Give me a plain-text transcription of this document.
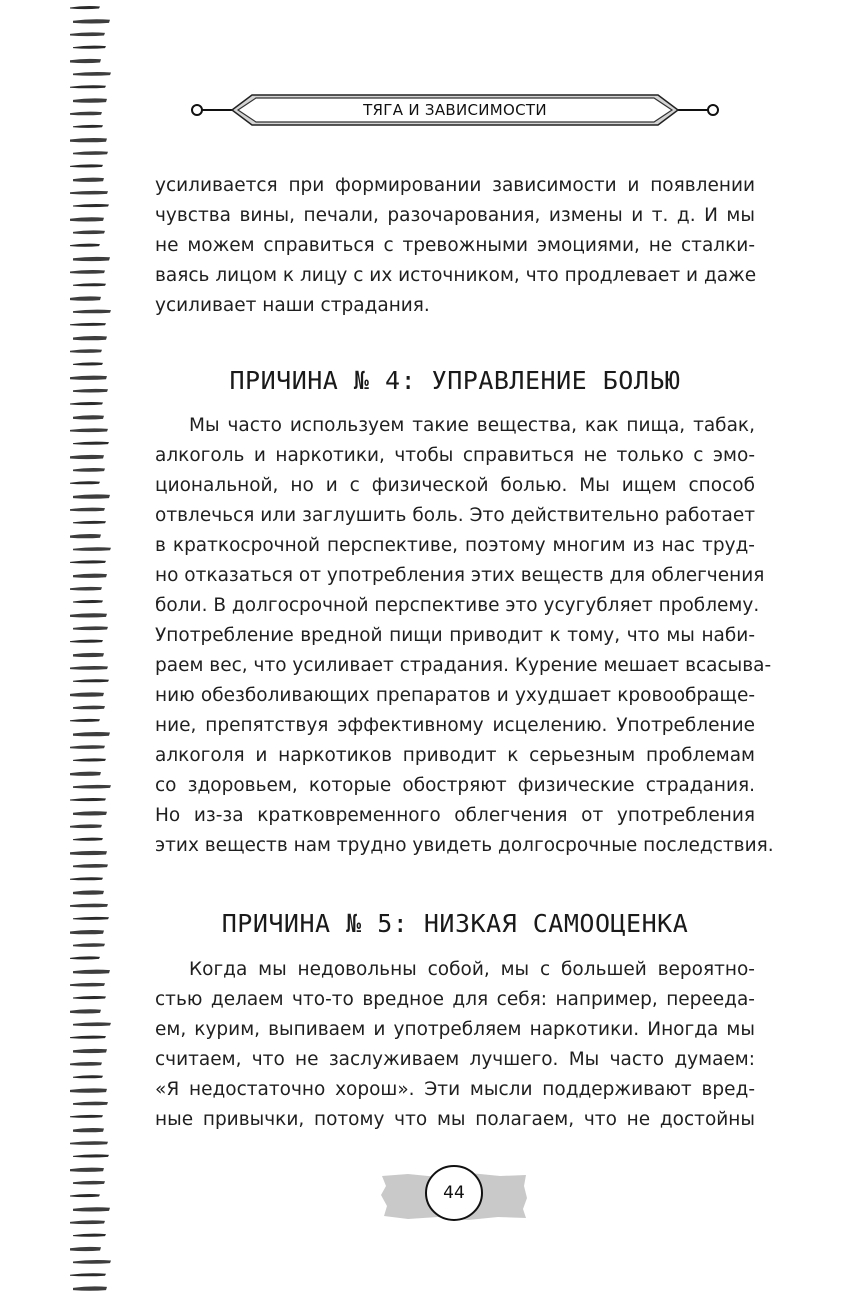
ТЯГА И ЗАВИСИМОСТИ
усиливается при формировании зависимости и появлении
чувства вины, печали, разочарования, измены и т. д. И мы
не можем справиться с тревожными эмоциями, не сталки-
ваясь лицом к лицу с их источником, что продлевает и даже
усиливает наши страдания.
ПРИЧИНА № 4: УПРАВЛЕНИЕ БОЛЬЮ
Мы часто используем такие вещества, как пища, табак,
алкоголь и наркотики, чтобы справиться не только с эмо-
циональной, но и с физической болью. Мы ищем способ
отвлечься или заглушить боль. Это действительно работает
в краткосрочной перспективе, поэтому многим из нас труд-
но отказаться от употребления этих веществ для облегчения
боли. В долгосрочной перспективе это усугубляет проблему.
Употребление вредной пищи приводит к тому, что мы наби-
раем вес, что усиливает страдания. Курение мешает всасыва-
нию обезболивающих препаратов и ухудшает кровообраще-
ние, препятствуя эффективному исцелению. Употребление
алкоголя и наркотиков приводит к серьезным проблемам
со здоровьем, которые обостряют физические страдания.
Но из-за кратковременного облегчения от употребления
этих веществ нам трудно увидеть долгосрочные последствия.
ПРИЧИНА № 5: НИЗКАЯ САМООЦЕНКА
Когда мы недовольны собой, мы с большей вероятно-
стью делаем что-то вредное для себя: например, перееда-
ем, курим, выпиваем и употребляем наркотики. Иногда мы
считаем, что не заслуживаем лучшего. Мы часто думаем:
«Я недостаточно хорош». Эти мысли поддерживают вред-
ные привычки, потому что мы полагаем, что не достойны
44
